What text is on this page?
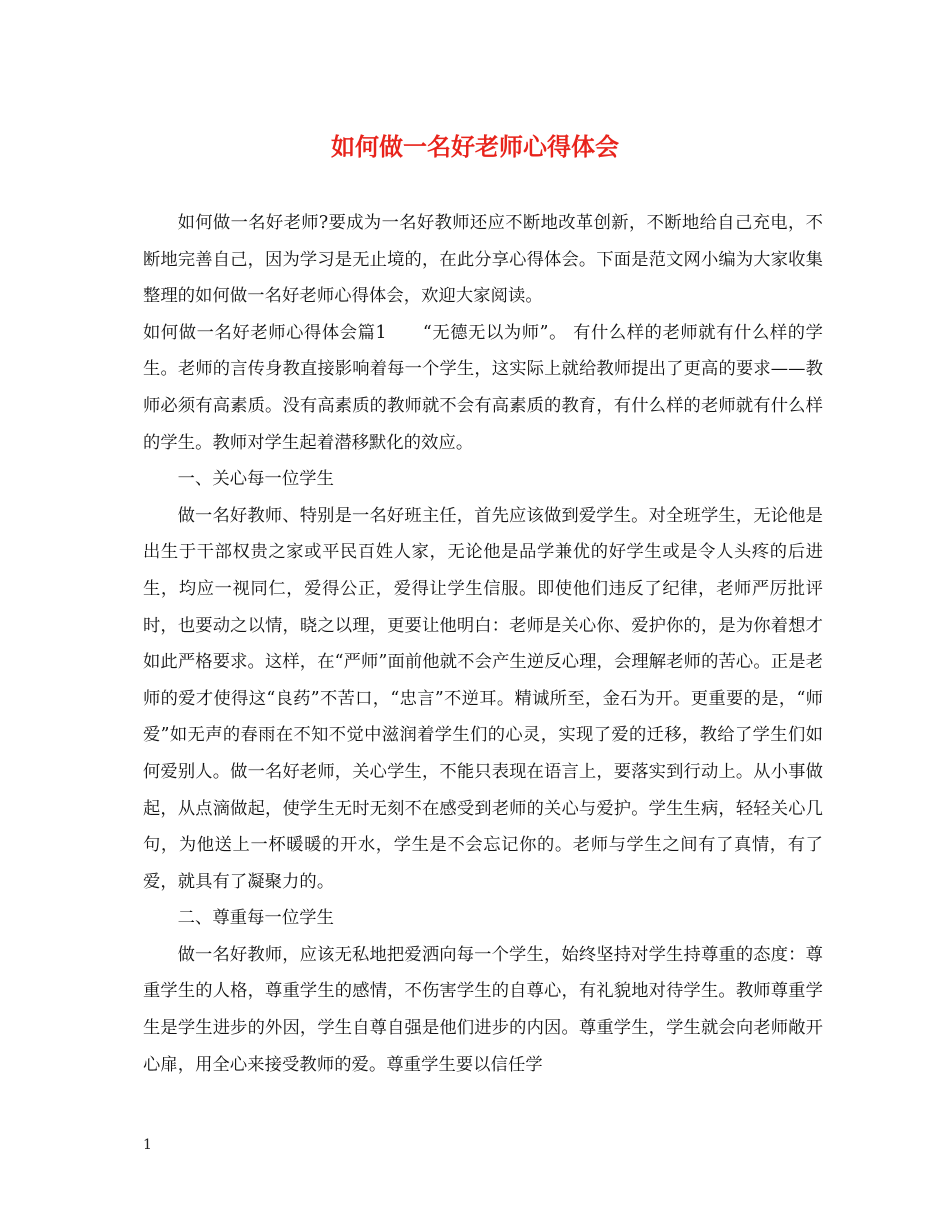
如何做一名好老师心得体会

如何做一名好老师?要成为一名好教师还应不断地改革创新，不断地给自己充电，不断地完善自己，因为学习是无止境的，在此分享心得体会。下面是范文网小编为大家收集整理的如何做一名好老师心得体会，欢迎大家阅读。

如何做一名好老师心得体会篇1　　“无德无以为师”。 有什么样的老师就有什么样的学生。老师的言传身教直接影响着每一个学生，这实际上就给教师提出了更高的要求——教师必须有高素质。没有高素质的教师就不会有高素质的教育，有什么样的老师就有什么样的学生。教师对学生起着潜移默化的效应。

一、关心每一位学生

做一名好教师、特别是一名好班主任，首先应该做到爱学生。对全班学生，无论他是出生于干部权贵之家或平民百姓人家，无论他是品学兼优的好学生或是令人头疼的后进生，均应一视同仁，爱得公正，爱得让学生信服。即使他们违反了纪律，老师严厉批评时，也要动之以情，晓之以理，更要让他明白：老师是关心你、爱护你的，是为你着想才如此严格要求。这样，在“严师”面前他就不会产生逆反心理，会理解老师的苦心。正是老师的爱才使得这“良药”不苦口，“忠言”不逆耳。精诚所至，金石为开。更重要的是，“师爱”如无声的春雨在不知不觉中滋润着学生们的心灵，实现了爱的迁移，教给了学生们如何爱别人。做一名好老师，关心学生，不能只表现在语言上，要落实到行动上。从小事做起，从点滴做起，使学生无时无刻不在感受到老师的关心与爱护。学生生病，轻轻关心几句，为他送上一杯暖暖的开水，学生是不会忘记你的。老师与学生之间有了真情，有了爱，就具有了凝聚力的。

二、尊重每一位学生

做一名好教师，应该无私地把爱洒向每一个学生，始终坚持对学生持尊重的态度：尊重学生的人格，尊重学生的感情，不伤害学生的自尊心，有礼貌地对待学生。教师尊重学生是学生进步的外因，学生自尊自强是他们进步的内因。尊重学生，学生就会向老师敞开心扉，用全心来接受教师的爱。尊重学生要以信任学

1
